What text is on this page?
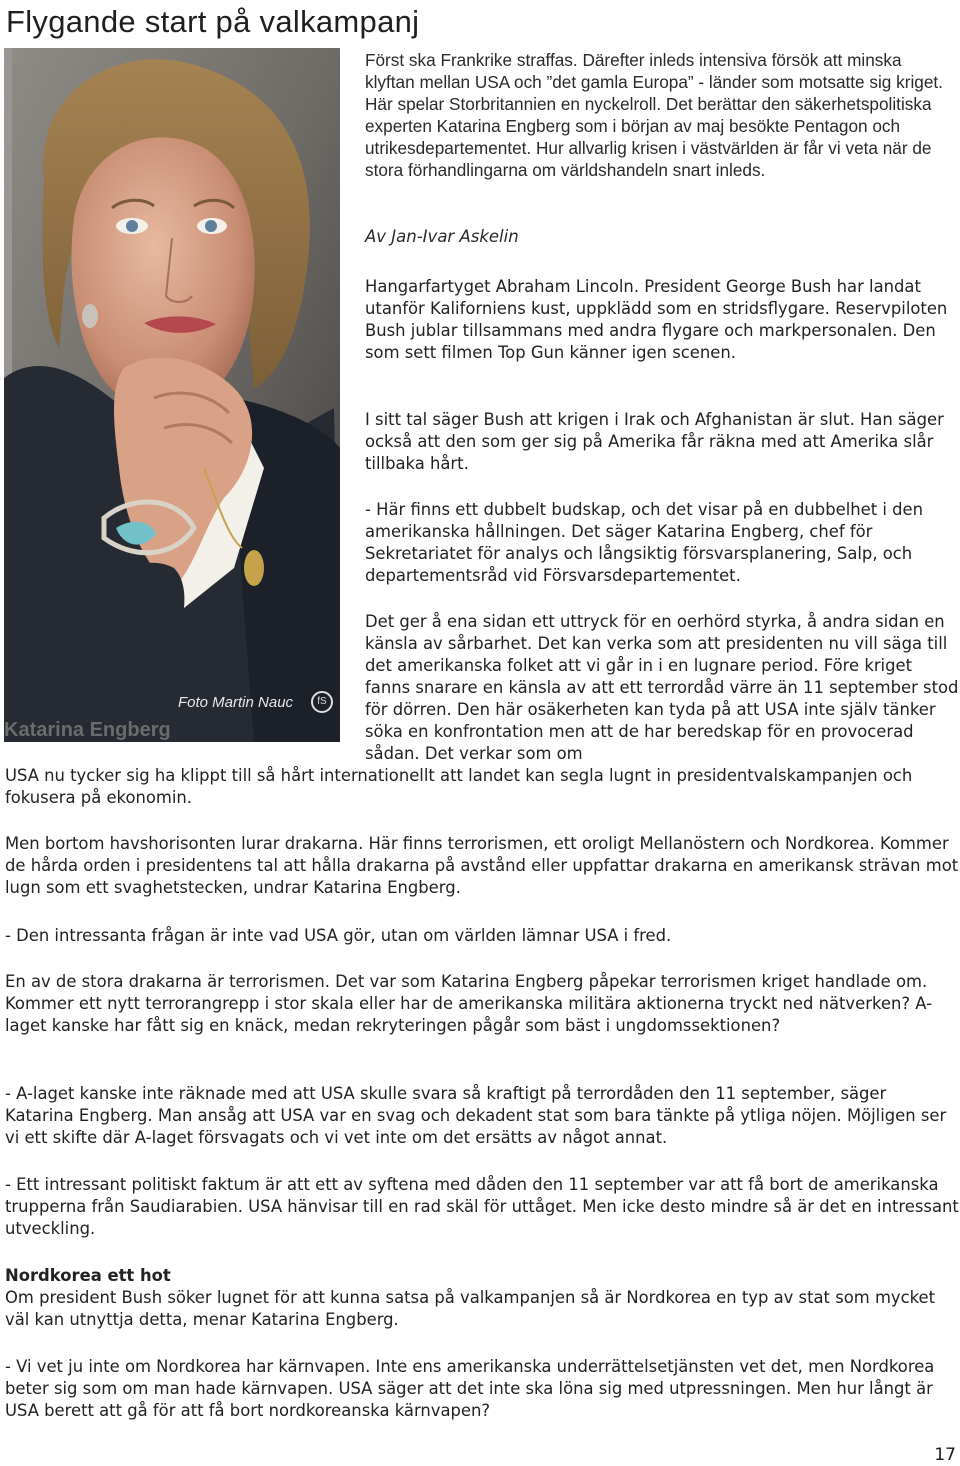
Flygande start på valkampanj
Foto Martin Nauc	fS

Katarina Engberg

Först ska Frankrike straffas. Därefter inleds intensiva försök att minska klyftan mellan USA och ”det gamla Europa” - länder som motsatte sig kriget. Här spelar Storbritannien en nyckelroll. Det berättar den säkerhetspolitiska experten Katarina Engberg som i början av maj besökte Pentagon och utrikesdepartementet. Hur allvarlig krisen i västvärlden är får vi veta när de stora förhandlingarna om världshandeln snart inleds.

Av Jan-Ivar Askelin

Hangarfartyget Abraham Lincoln. President George Bush har landat utanför Kaliforniens kust, uppklädd som en stridsflygare. Reservpiloten Bush jublar tillsammans med andra flygare och markpersonalen. Den som sett filmen Top Gun känner igen scenen.

I sitt tal säger Bush att krigen i Irak och Afghanistan är slut. Han säger också att den som ger sig på Amerika får räkna med att Amerika slår tillbaka hårt.

- Här finns ett dubbelt budskap, och det visar på en dubbelhet i den amerikanska hållningen. Det säger Katarina Engberg, chef för Sekretariatet för analys och långsiktig försvarsplanering, Salp, och departementsråd vid Försvarsdepartementet.

Det ger å ena sidan ett uttryck för en oerhörd styrka, å andra sidan en känsla av sårbarhet. Det kan verka som att presidenten nu vill säga till det amerikanska folket att vi går in i en lugnare period. Före kriget fanns snarare en känsla av att ett terrordåd värre än 11 september stod för dörren. Den här osäkerheten kan tyda på att USA inte själv tänker söka en konfrontation men att de har beredskap för en provocerad sådan. Det verkar som om

USA nu tycker sig ha klippt till så hårt internationellt att landet kan segla lugnt in presidentvalskampanjen och fokusera på ekonomin.

Men bortom havshorisonten lurar drakarna. Här finns terrorismen, ett oroligt Mellanöstern och Nordkorea. Kommer de hårda orden i presidentens tal att hålla drakarna på avstånd eller uppfattar drakarna en amerikansk strävan mot lugn som ett svaghetstecken, undrar Katarina Engberg.

- Den intressanta frågan är inte vad USA gör, utan om världen lämnar USA i fred.

En av de stora drakarna är terrorismen. Det var som Katarina Engberg påpekar terrorismen kriget handlade om. Kommer ett nytt terrorangrepp i stor skala eller har de amerikanska militära aktionerna tryckt ned nätverken? A-laget kanske har fått sig en knäck, medan rekryteringen pågår som bäst i ungdomssektionen?

- A-laget kanske inte räknade med att USA skulle svara så kraftigt på terrordåden den 11 september, säger Katarina Engberg. Man ansåg att USA var en svag och dekadent stat som bara tänkte på ytliga nöjen. Möjligen ser vi ett skifte där A-laget försvagats och vi vet inte om det ersätts av något annat.

- Ett intressant politiskt faktum är att ett av syftena med dåden den 11 september var att få bort de amerikanska trupperna från Saudiarabien. USA hänvisar till en rad skäl för uttåget. Men icke desto mindre så är det en intressant utveckling.

Nordkorea ett hot

Om president Bush söker lugnet för att kunna satsa på valkampanjen så är Nordkorea en typ av stat som mycket väl kan utnyttja detta, menar Katarina Engberg.

- Vi vet ju inte om Nordkorea har kärnvapen. Inte ens amerikanska underrättelsetjänsten vet det, men Nordkorea beter sig som om man hade kärnvapen. USA säger att det inte ska löna sig med utpressningen. Men hur långt är USA berett att gå för att få bort nordkoreanska kärnvapen?

17
